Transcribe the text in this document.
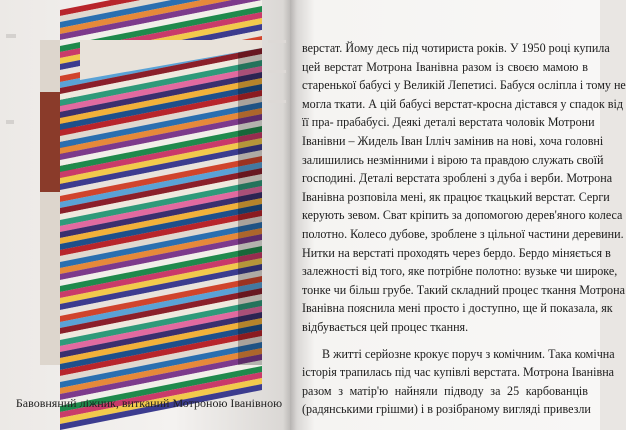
Бавовняний ліжник, витканий Мотроною Іванівною
верстат. Йому десь під чотириста років. У 1950 році купила
цей верстат Мотрона Іванівна разом із своєю мамою в
старенької бабусі у Великій Лепетисі. Бабуся осліпла і тому не
могла ткати. А цій бабусі верстат-кросна дістався у спадок від
її пра- прабабусі. Деякі деталі верстата чоловік Мотрони
Іванівни – Жидель Іван Ілліч замінив на нові, хоча головні
залишились незмінними і вірою та правдою служать своїй
господині. Деталі верстата зроблені з дуба і верби. Мотрона
Іванівна розповіла мені, як працює ткацький верстат. Серги
керують зевом. Сват кріпить за допомогою дерев'яного колеса
полотно. Колесо дубове, зроблене з цільної частини деревини.
Нитки на верстаті проходять через бердо. Бердо міняється в
залежності від того, яке потрібне полотно: вузьке чи широке,
тонке чи більш грубе. Такий складний процес ткання Мотрона
Іванівна пояснила мені просто і доступно, ще й показала, як
відбувається цей процес ткання.
В житті серйозне крокує поруч з комічним. Така комічна
історія трапилась під час купівлі верстата. Мотрона Іванівна
разом з матір'ю найняли підводу за 25 карбованців
(радянськими грішми) і в розібраному вигляді привезли
